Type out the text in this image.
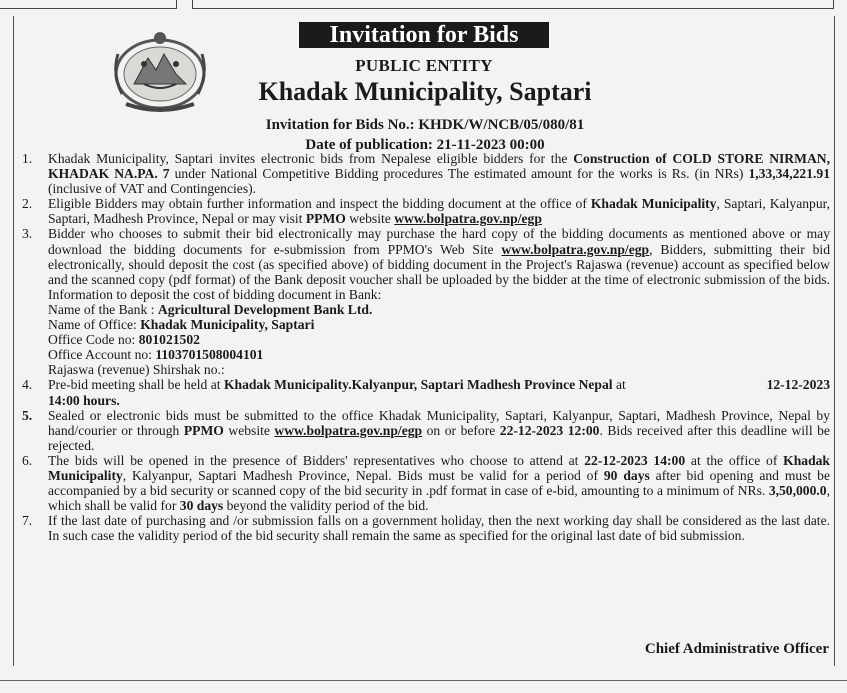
Invitation for Bids
PUBLIC ENTITY
Khadak Municipality, Saptari
Invitation for Bids No.: KHDK/W/NCB/05/080/81
Date of publication: 21-11-2023 00:00
1. Khadak Municipality, Saptari invites electronic bids from Nepalese eligible bidders for the Construction of COLD STORE NIRMAN, KHADAK NA.PA. 7 under National Competitive Bidding procedures The estimated amount for the works is Rs. (in NRs) 1,33,34,221.91 (inclusive of VAT and Contingencies).
2. Eligible Bidders may obtain further information and inspect the bidding document at the office of Khadak Municipality, Saptari, Kalyanpur, Saptari, Madhesh Province, Nepal or may visit PPMO website www.bolpatra.gov.np/egp
3. Bidder who chooses to submit their bid electronically may purchase the hard copy of the bidding documents as mentioned above or may download the bidding documents for e-submission from PPMO's Web Site www.bolpatra.gov.np/egp, Bidders, submitting their bid electronically, should deposit the cost (as specified above) of bidding document in the Project's Rajaswa (revenue) account as specified below and the scanned copy (pdf format) of the Bank deposit voucher shall be uploaded by the bidder at the time of electronic submission of the bids. Information to deposit the cost of bidding document in Bank:
Name of the Bank : Agricultural Development Bank Ltd.
Name of Office: Khadak Municipality, Saptari
Office Code no: 801021502
Office Account no: 1103701508004101
Rajaswa (revenue) Shirshak no.:
4. Pre-bid meeting shall be held at Khadak Municipality.Kalyanpur, Saptari Madhesh Province Nepal at	12-12-2023
14:00 hours.
5. Sealed or electronic bids must be submitted to the office Khadak Municipality, Saptari, Kalyanpur, Saptari, Madhesh Province, Nepal by hand/courier or through PPMO website www.bolpatra.gov.np/egp on or before 22-12-2023 12:00. Bids received after this deadline will be rejected.
6. The bids will be opened in the presence of Bidders' representatives who choose to attend at 22-12-2023 14:00 at the office of Khadak Municipality, Kalyanpur, Saptari Madhesh Province, Nepal. Bids must be valid for a period of 90 days after bid opening and must be accompanied by a bid security or scanned copy of the bid security in .pdf format in case of e-bid, amounting to a minimum of NRs. 3,50,000.0, which shall be valid for 30 days beyond the validity period of the bid.
7. If the last date of purchasing and /or submission falls on a government holiday, then the next working day shall be considered as the last date. In such case the validity period of the bid security shall remain the same as specified for the original last date of bid submission.
Chief Administrative Officer
